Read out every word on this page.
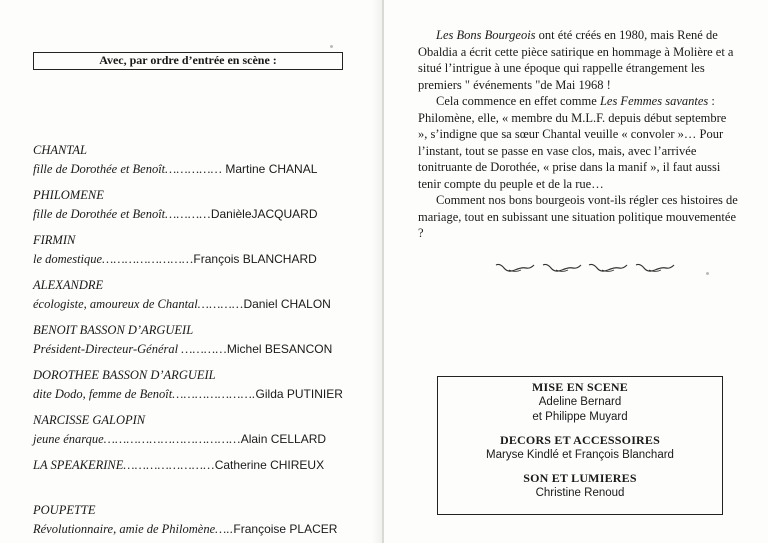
Avec, par ordre d’entrée en scène :
CHANTAL
fille de Dorothée et Benoît…………… Martine CHANAL
PHILOMENE
fille de Dorothée et Benoît…………DanièleJACQUARD
FIRMIN
le domestique……………………François BLANCHARD
ALEXANDRE
écologiste, amoureux de Chantal…………Daniel CHALON
BENOIT BASSON D’ARGUEIL
Président-Directeur-Général …………Michel BESANCON
DOROTHEE BASSON D’ARGUEIL
dite Dodo, femme de Benoît………………….Gilda PUTINIER
NARCISSE GALOPIN
jeune énarque………………………………Alain CELLARD
LA SPEAKERINE……………………Catherine CHIREUX
POUPETTE
Révolutionnaire, amie de Philomène…..Françoise PLACER

Les Bons Bourgeois ont été créés en 1980, mais René de Obaldia a écrit cette pièce satirique en hommage à Molière et a situé l’intrigue à une époque qui rappelle étrangement les premiers " événements "de Mai 1968 !

Cela commence en effet comme Les Femmes savantes : Philomène, elle, « membre du M.L.F. depuis début septembre », s’indigne que sa sœur Chantal veuille « convoler »… Pour l’instant, tout se passe en vase clos, mais, avec l’arrivée tonitruante de Dorothée, « prise dans la manif », il faut aussi tenir compte du peuple et de la rue…

Comment nos bons bourgeois vont-ils régler ces histoires de mariage, tout en subissant une situation politique mouvementée ?

MISE EN SCENE
Adeline Bernard
et Philippe Muyard
DECORS ET ACCESSOIRES
Maryse Kindlé et François Blanchard
SON ET LUMIERES
Christine Renoud
